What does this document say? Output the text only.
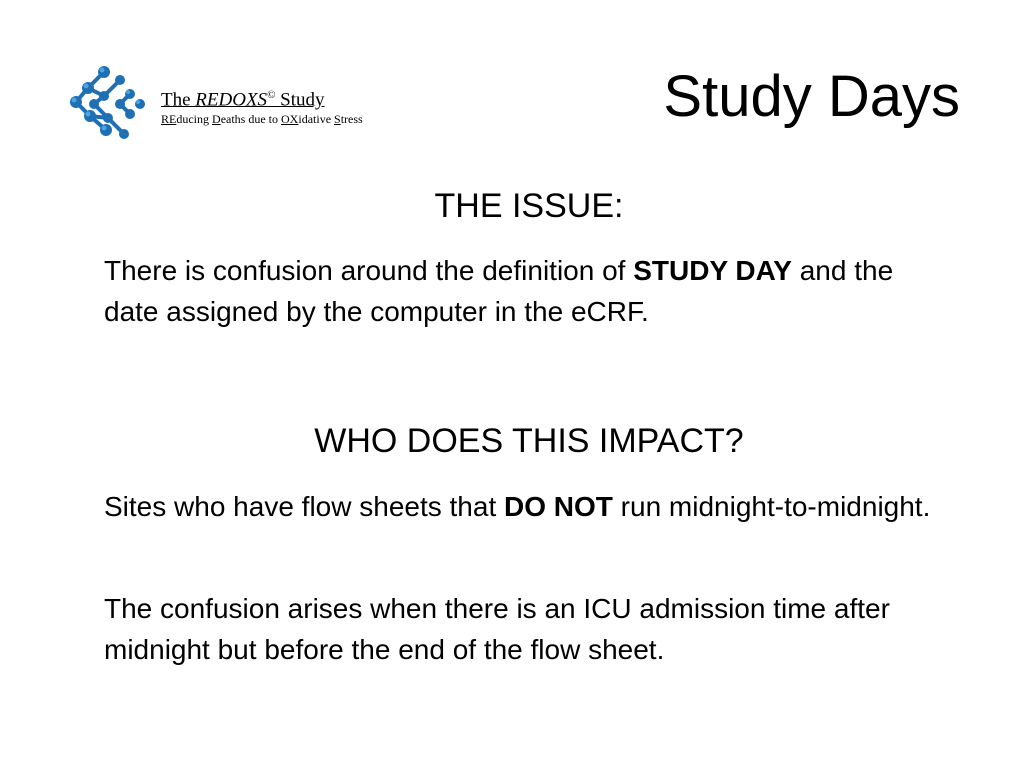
The REDOXS© Study
REducing Deaths due to OXidative Stress	Study Days
THE ISSUE:

There is confusion around the definition of STUDY DAY and the date assigned by the computer in the eCRF.

WHO DOES THIS IMPACT?

Sites who have flow sheets that DO NOT run midnight-to-midnight.

The confusion arises when there is an ICU admission time after midnight but before the end of the flow sheet.
